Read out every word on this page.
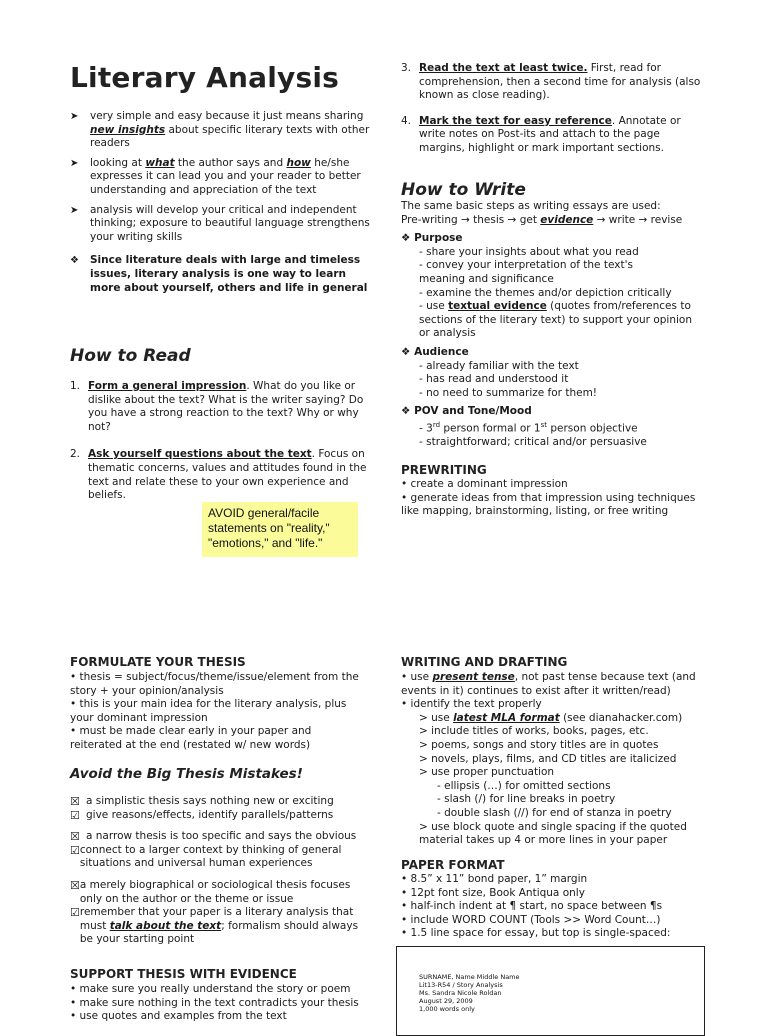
Literary Analysis
➤	very simple and easy because it just means sharing
new insights about specific literary texts with other readers
➤	looking at what the author says and how he/she expresses it can lead you and your reader to better understanding and appreciation of the text
➤	analysis will develop your critical and independent thinking; exposure to beautiful language strengthens your writing skills
❖	Since literature deals with large and timeless issues, literary analysis is one way to learn more about yourself, others and life in general
How to Read
1. Form a general impression. What do you like or dislike about the text? What is the writer saying? Do you have a strong reaction to the text? Why or why not?
2. Ask yourself questions about the text. Focus on thematic concerns, values and attitudes found in the text and relate these to your own experience and beliefs.
AVOID general/facile statements on "reality," "emotions," and "life."
3. Read the text at least twice. First, read for comprehension, then a second time for analysis (also known as close reading).
4. Mark the text for easy reference. Annotate or write notes on Post-its and attach to the page margins, highlight or mark important sections.
How to Write
The same basic steps as writing essays are used:
Pre-writing → thesis → get evidence → write → revise
❖ Purpose
- share your insights about what you read
- convey your interpretation of the text's meaning and significance
- examine the themes and/or depiction critically
- use textual evidence (quotes from/references to sections of the literary text) to support your opinion or analysis
❖ Audience
- already familiar with the text
- has read and understood it
- no need to summarize for them!
❖ POV and Tone/Mood
- 3rd person formal or 1st person objective
- straightforward; critical and/or persuasive
PREWRITING
• create a dominant impression
• generate ideas from that impression using techniques like mapping, brainstorming, listing, or free writing
FORMULATE YOUR THESIS
• thesis = subject/focus/theme/issue/element from the story + your opinion/analysis
• this is your main idea for the literary analysis, plus your dominant impression
• must be made clear early in your paper and reiterated at the end (restated w/ new words)
Avoid the Big Thesis Mistakes!
☒ a simplistic thesis says nothing new or exciting
☑ give reasons/effects, identify parallels/patterns
☒ a narrow thesis is too specific and says the obvious
☑ connect to a larger context by thinking of general situations and universal human experiences
☒ a merely biographical or sociological thesis focuses only on the author or the theme or issue
☑ remember that your paper is a literary analysis that must talk about the text; formalism should always be your starting point
SUPPORT THESIS WITH EVIDENCE
• make sure you really understand the story or poem
• make sure nothing in the text contradicts your thesis
• use quotes and examples from the text
WRITING AND DRAFTING
• use present tense, not past tense because text (and events in it) continues to exist after it written/read)
• identify the text properly
> use latest MLA format (see dianahacker.com)
> include titles of works, books, pages, etc.
> poems, songs and story titles are in quotes
> novels, plays, films, and CD titles are italicized
> use proper punctuation
- ellipsis (…) for omitted sections
- slash (/) for line breaks in poetry
- double slash (//) for end of stanza in poetry
> use block quote and single spacing if the quoted material takes up 4 or more lines in your paper
PAPER FORMAT
• 8.5” x 11” bond paper, 1” margin
• 12pt font size, Book Antiqua only
• half-inch indent at ¶ start, no space between ¶s
• include WORD COUNT (Tools >> Word Count…)
• 1.5 line space for essay, but top is single-spaced:
SURNAME, Name Middle Name
Lit13-R54 / Story Analysis
Ms. Sandra Nicole Roldan
August 29, 2009
1,000 words only
